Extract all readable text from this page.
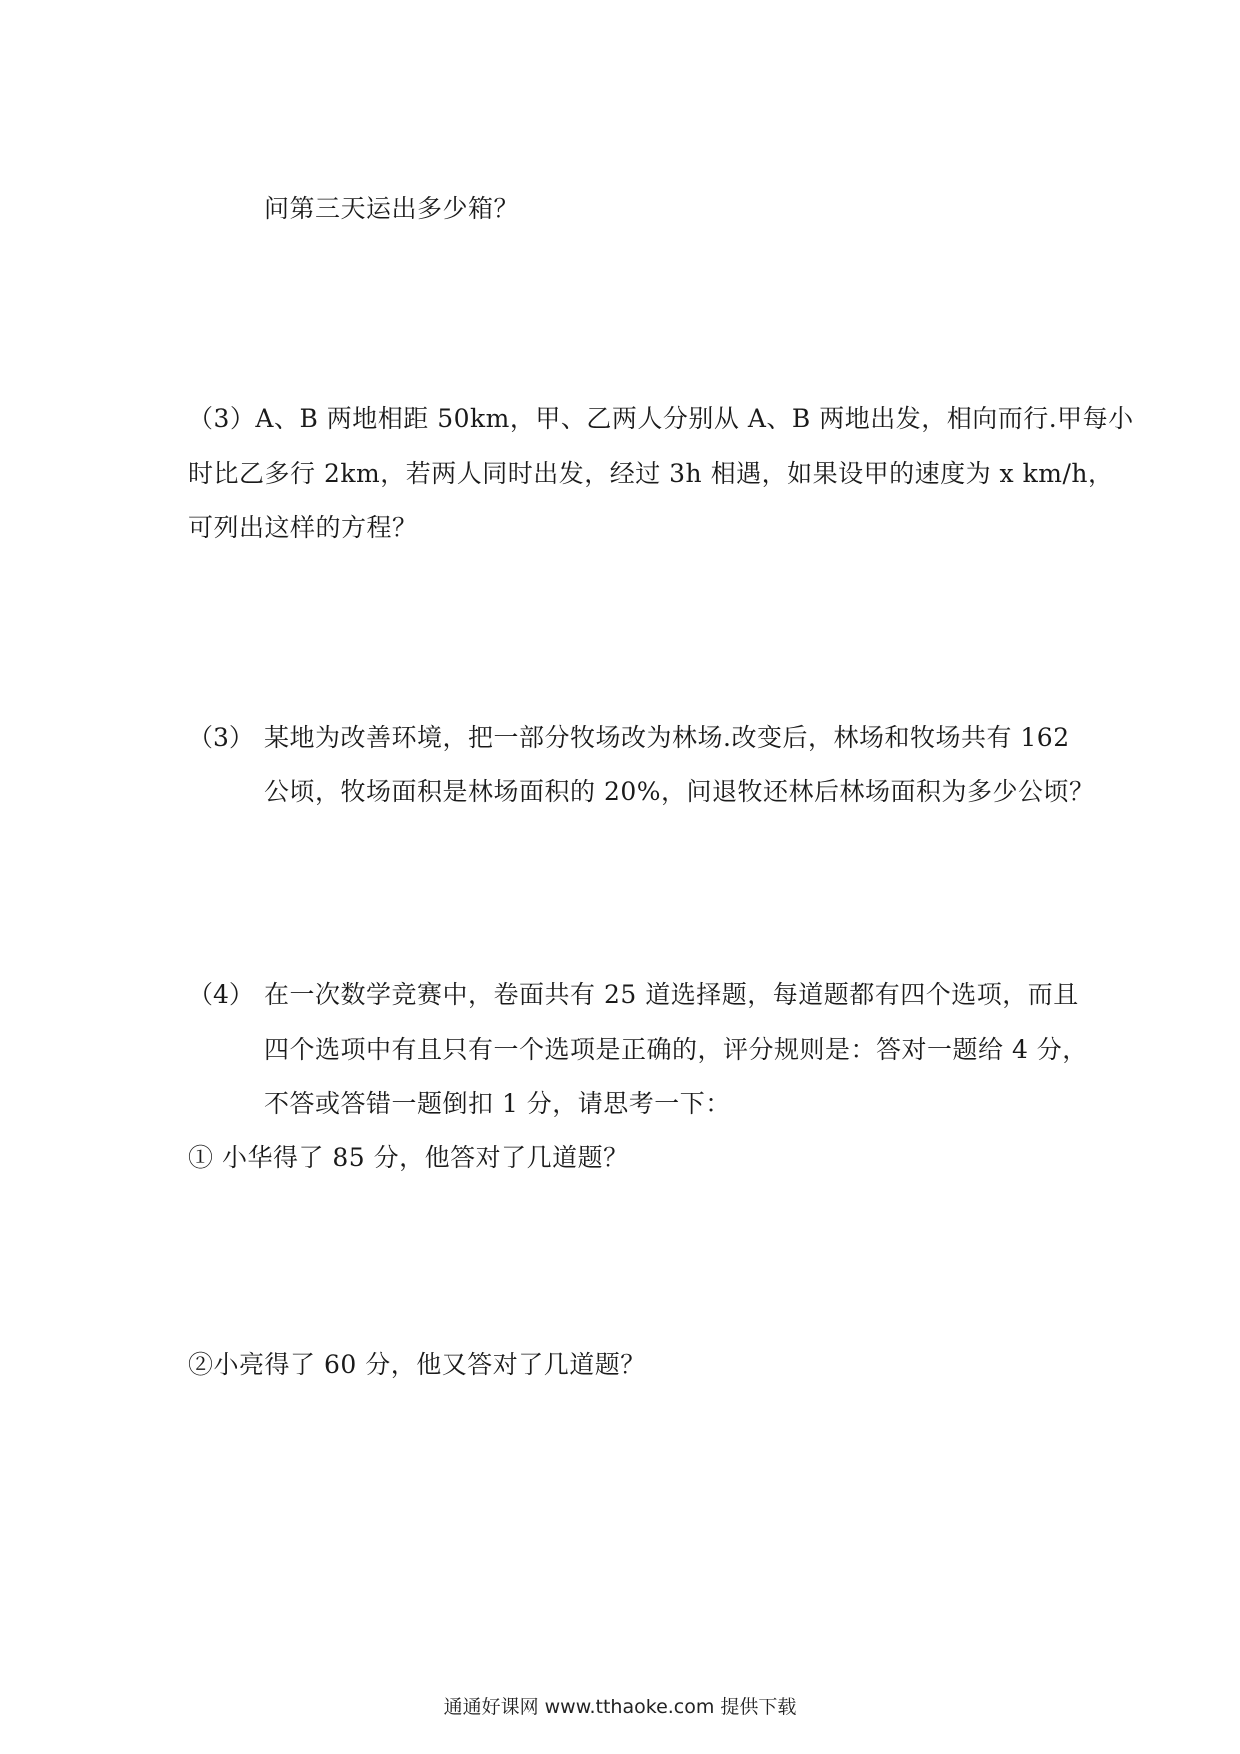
问第三天运出多少箱？
（3）A、B 两地相距 50km，甲、乙两人分别从 A、B 两地出发，相向而行.甲每小
时比乙多行 2km，若两人同时出发，经过 3h 相遇，如果设甲的速度为 x km/h，
可列出这样的方程？
（3） 某地为改善环境，把一部分牧场改为林场.改变后，林场和牧场共有 162
公顷，牧场面积是林场面积的 20%，问退牧还林后林场面积为多少公顷？
（4） 在一次数学竞赛中，卷面共有 25 道选择题，每道题都有四个选项，而且
四个选项中有且只有一个选项是正确的，评分规则是：答对一题给 4 分，
不答或答错一题倒扣 1 分，请思考一下：
① 小华得了 85 分，他答对了几道题？
②小亮得了 60 分，他又答对了几道题？
通通好课网 www.tthaoke.com 提供下载
